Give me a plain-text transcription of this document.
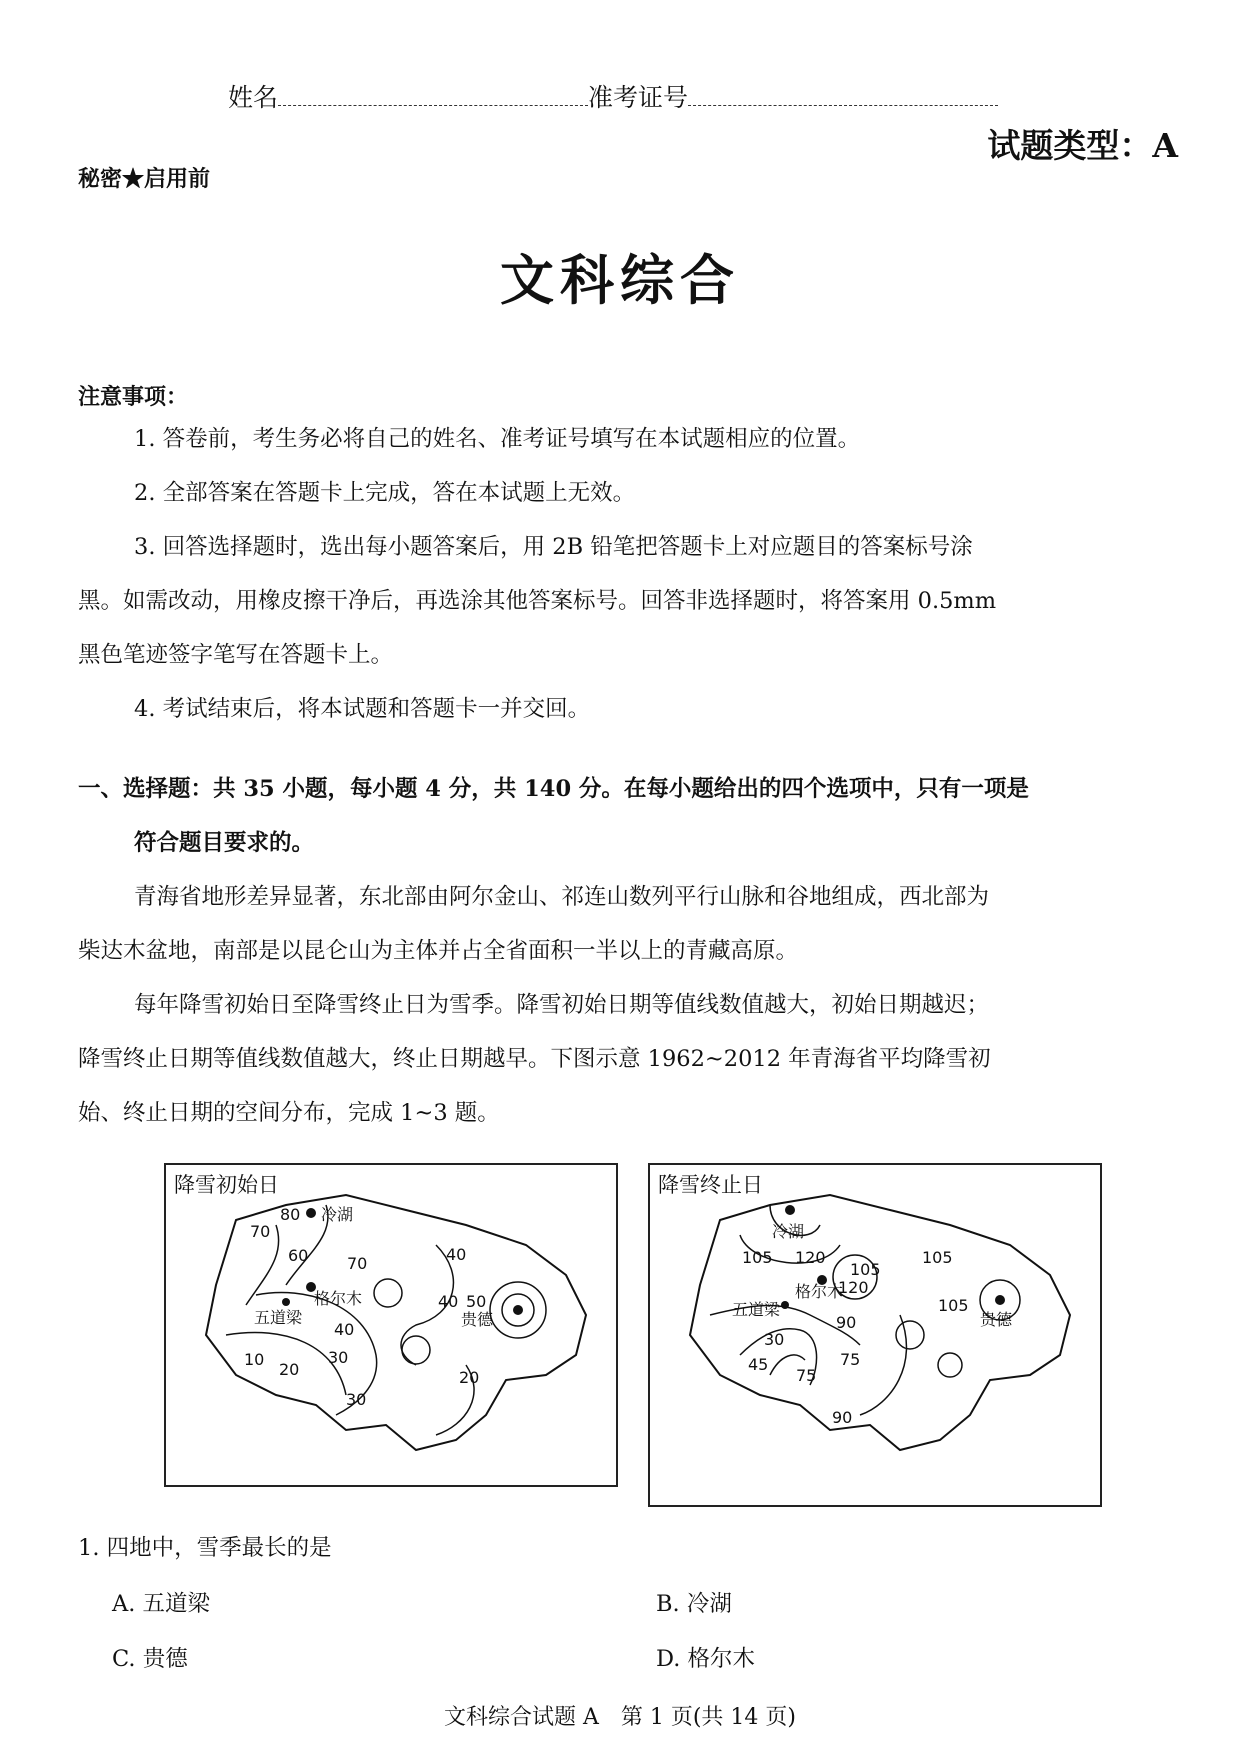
姓名	准考证号
试题类型：A
秘密★启用前
文科综合
注意事项：
1. 答卷前，考生务必将自己的姓名、准考证号填写在本试题相应的位置。
2. 全部答案在答题卡上完成，答在本试题上无效。
3. 回答选择题时，选出每小题答案后，用 2B 铅笔把答题卡上对应题目的答案标号涂
黑。如需改动，用橡皮擦干净后，再选涂其他答案标号。回答非选择题时，将答案用 0.5mm
黑色笔迹签字笔写在答题卡上。
4. 考试结束后，将本试题和答题卡一并交回。
一、选择题：共 35 小题，每小题 4 分，共 140 分。在每小题给出的四个选项中，只有一项是
符合题目要求的。
青海省地形差异显著，东北部由阿尔金山、祁连山数列平行山脉和谷地组成，西北部为
柴达木盆地，南部是以昆仑山为主体并占全省面积一半以上的青藏高原。
每年降雪初始日至降雪终止日为雪季。降雪初始日期等值线数值越大，初始日期越迟；
降雪终止日期等值线数值越大，终止日期越早。下图示意 1962~2012 年青海省平均降雪初
始、终止日期的空间分布，完成 1~3 题。
降雪初始日
冷湖
格尔木
五道梁	贵德
80
70
60 70	40
40 50
40
30
20
10
20
30
降雪终止日
冷湖
格尔木
五道梁
贵德
105 120
105
120
105
105
90
30
45
75
75
90
1. 四地中，雪季最长的是
A. 五道梁	B. 冷湖
C. 贵德	D. 格尔木
文科综合试题 A　第 1 页(共 14 页)
